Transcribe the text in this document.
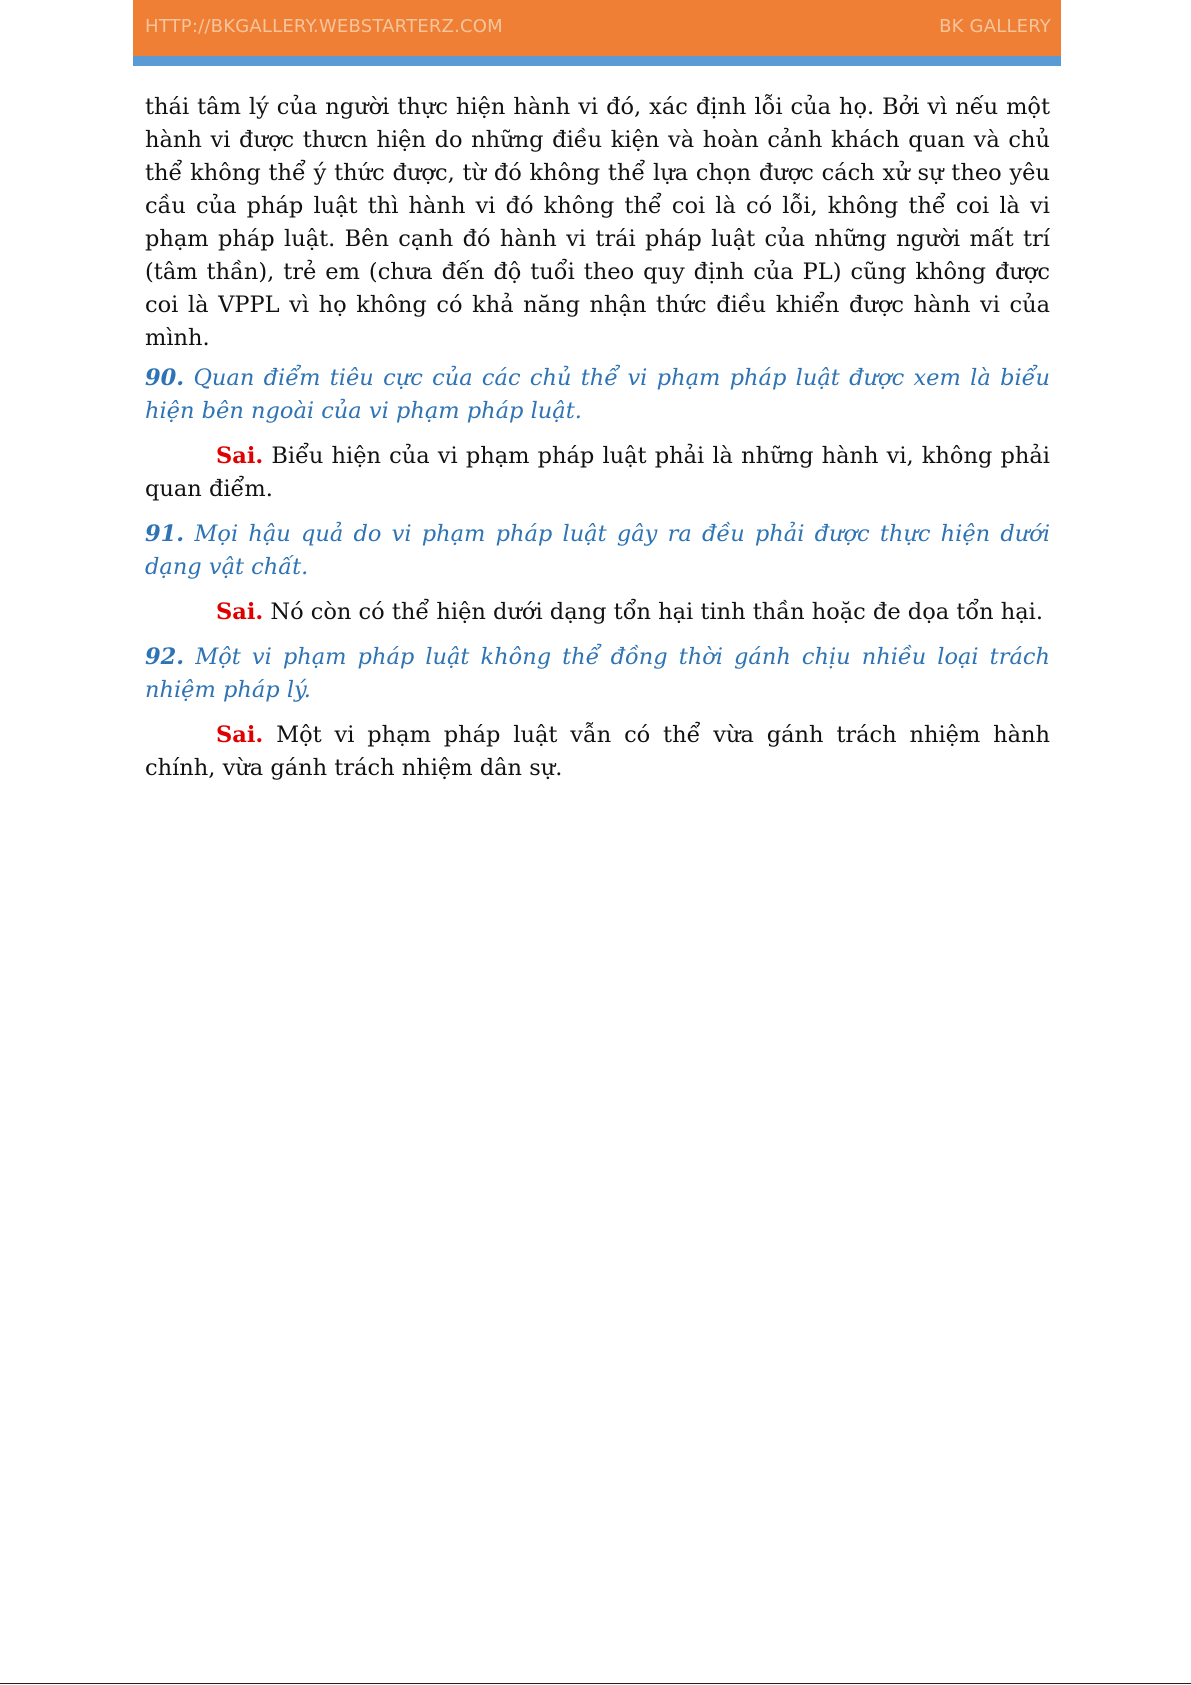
HTTP://BKGALLERY.WEBSTARTERZ.COM	BK GALLERY

thái tâm lý của người thực hiện hành vi đó, xác định lỗi của họ. Bởi vì nếu một hành vi được thưcn hiện do những điều kiện và hoàn cảnh khách quan và chủ thể không thể ý thức được, từ đó không thể lựa chọn được cách xử sự theo yêu cầu của pháp luật thì hành vi đó không thể coi là có lỗi, không thể coi là vi phạm pháp luật. Bên cạnh đó hành vi trái pháp luật của những người mất trí (tâm thần), trẻ em (chưa đến độ tuổi theo quy định của PL) cũng không được coi là VPPL vì họ không có khả năng nhận thức điều khiển được hành vi của mình.

90. Quan điểm tiêu cực của các chủ thể vi phạm pháp luật được xem là biểu hiện bên ngoài của vi phạm pháp luật.

Sai. Biểu hiện của vi phạm pháp luật phải là những hành vi, không phải quan điểm.

91. Mọi hậu quả do vi phạm pháp luật gây ra đều phải được thực hiện dưới dạng vật chất.

Sai. Nó còn có thể hiện dưới dạng tổn hại tinh thần hoặc đe dọa tổn hại.

92. Một vi phạm pháp luật không thể đồng thời gánh chịu nhiều loại trách nhiệm pháp lý.

Sai. Một vi phạm pháp luật vẫn có thể vừa gánh trách nhiệm hành chính, vừa gánh trách nhiệm dân sự.
